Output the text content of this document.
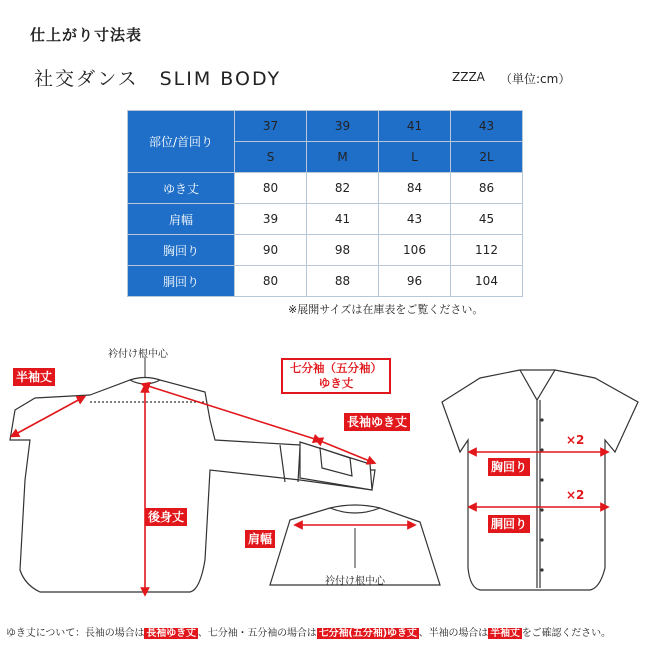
仕上がり寸法表
社交ダンス　SLIM BODY	ZZZA （単位:cm）
部位/首回り	37	39	41	43
	S	M	L	2L
ゆき丈	80	82	84	86
肩幅	39	41	43	45
胸回り	90	98	106	112
胴回り	80	88	96	104
※展開サイズは在庫表をご覧ください。
半袖丈
衿付け根中心
七分袖（五分袖）
ゆき丈
長袖ゆき丈
後身丈
肩幅
衿付け根中心
胸回り
胴回り
×2
×2
ゆき丈について：長袖の場合は 長袖ゆき丈 、七分袖・五分袖の場合は 七分袖(五分袖)ゆき丈 、半袖の場合は 半袖丈 をご確認ください。
